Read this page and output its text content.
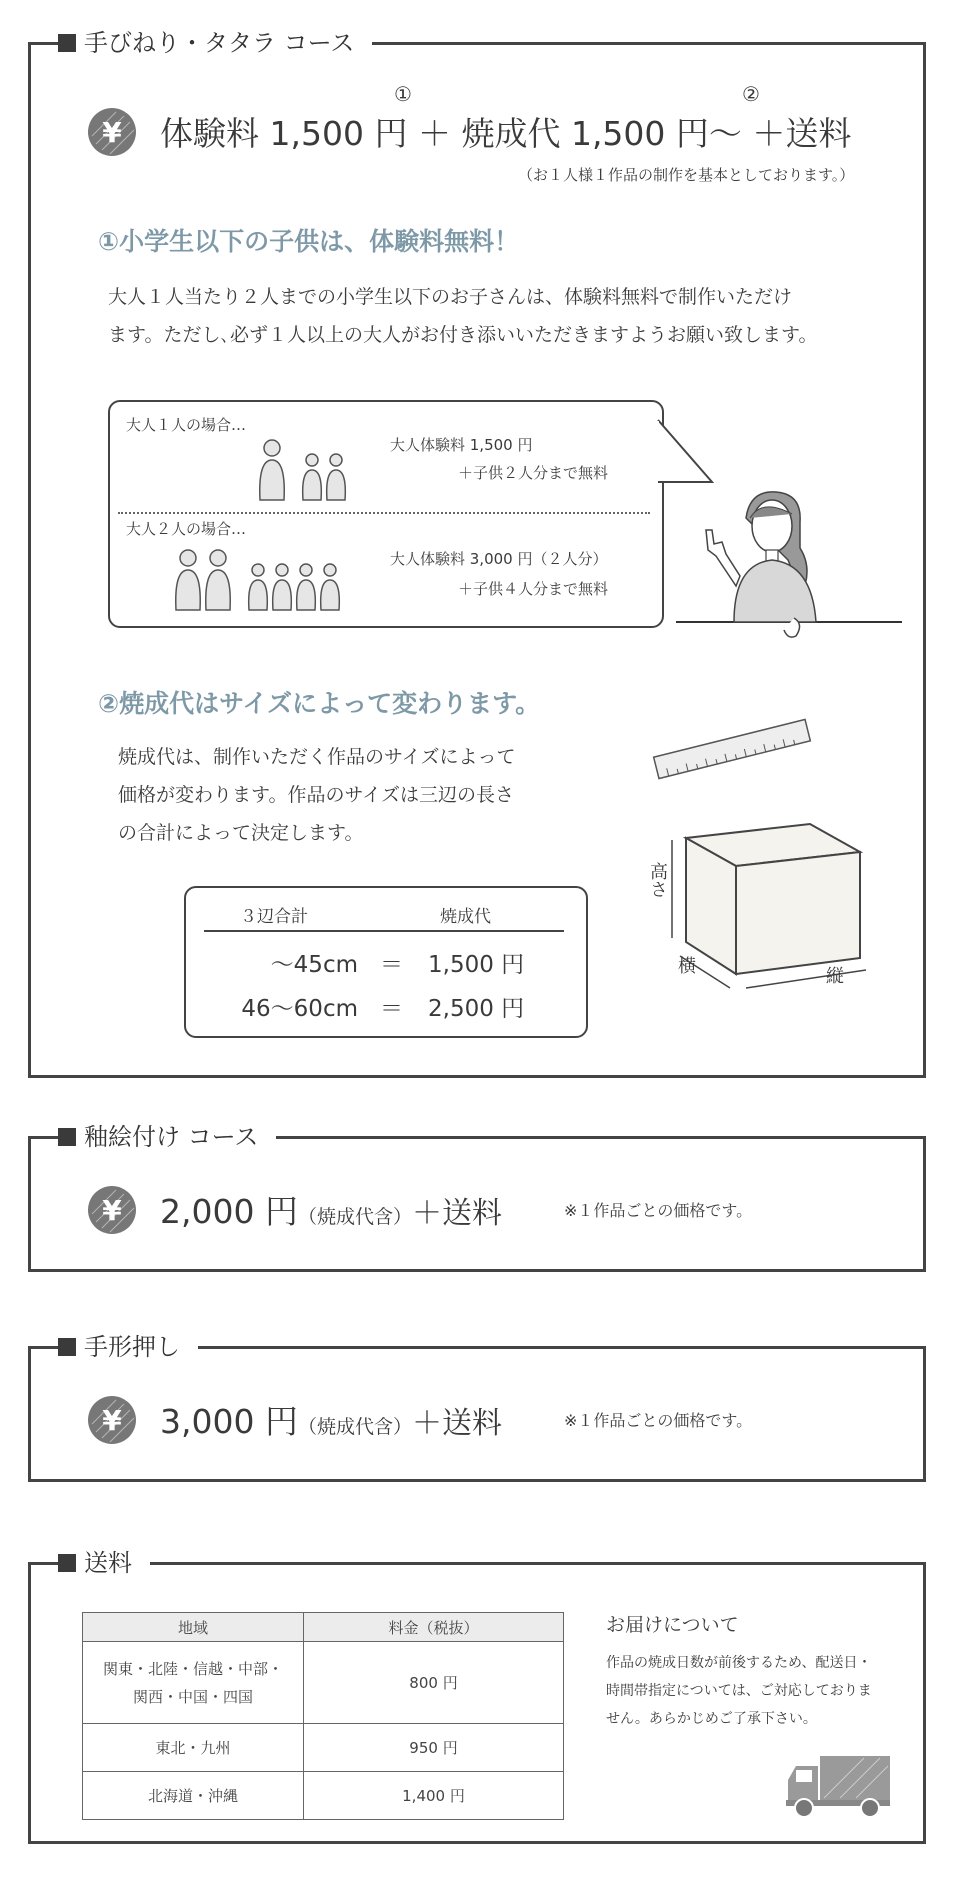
手びねり・タタラ コース
¥
①	②
体験料 1,500 円 ＋ 焼成代 1,500 円〜 ＋送料
（お１人様１作品の制作を基本としております。）
①小学生以下の子供は、体験料無料！
大人１人当たり２人までの小学生以下のお子さんは、体験料無料で制作いただけ
ます。ただし､必ず１人以上の大人がお付き添いいただきますようお願い致します。
大人１人の場合…
大人体験料 1,500 円
＋子供２人分まで無料
大人２人の場合…
大人体験料 3,000 円（２人分）
＋子供４人分まで無料
②焼成代はサイズによって変わります。
焼成代は、制作いただく作品のサイズによって
価格が変わります。作品のサイズは三辺の長さ
の合計によって決定します。
高さ
横	縦
３辺合計	焼成代
〜45cm ＝ 1,500 円
46〜60cm ＝ 2,500 円
釉絵付け コース
¥ 2,000 円（焼成代含）＋送料	※１作品ごとの価格です。
手形押し
¥ 3,000 円（焼成代含）＋送料	※１作品ごとの価格です。
送料
地域	料金（税抜）

関東・北陸・信越・中部・
関西・中国・四国	800 円
東北・九州	950 円
北海道・沖縄	1,400 円
お届けについて
作品の焼成日数が前後するため、配送日・
時間帯指定については、ご対応しておりま
せん。あらかじめご了承下さい。
